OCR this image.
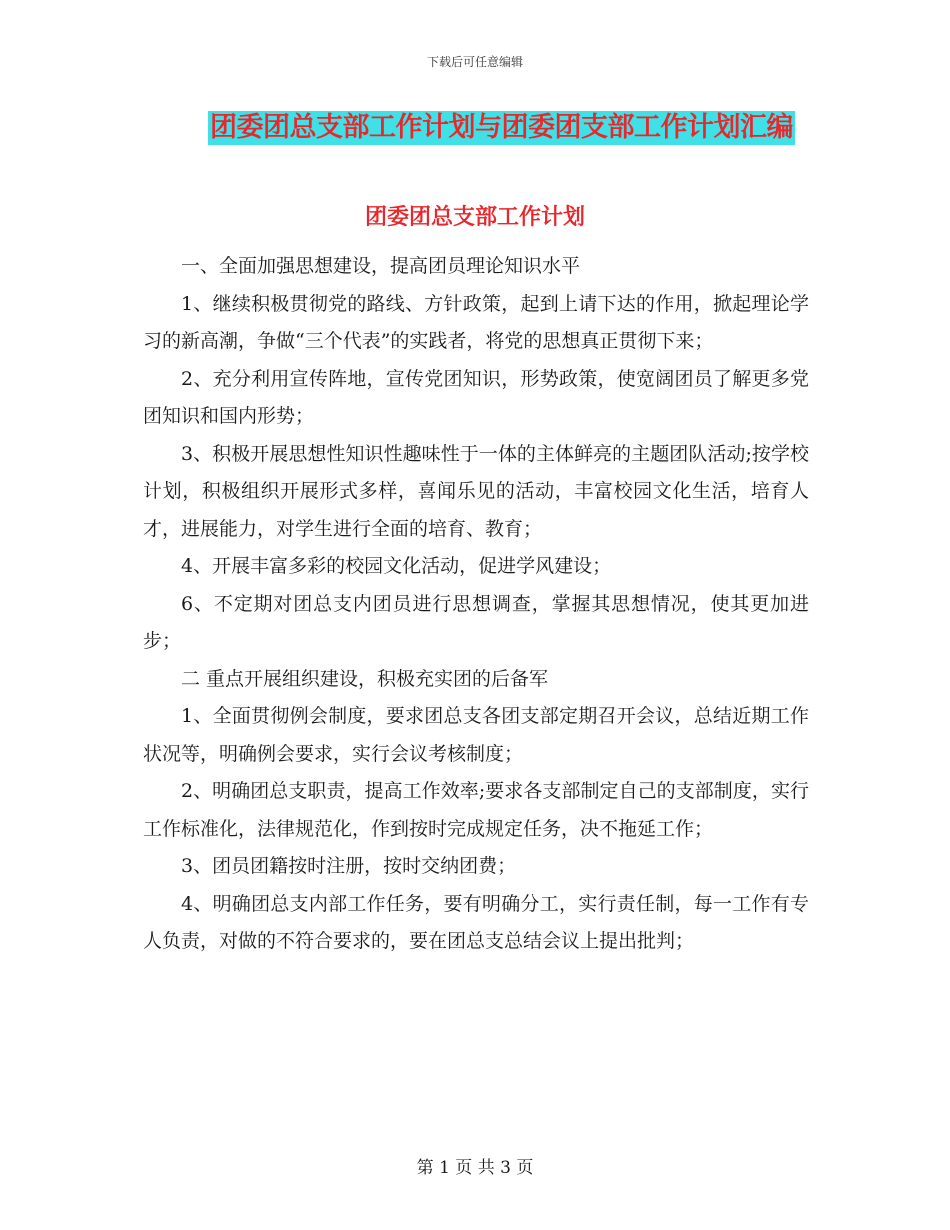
下载后可任意编辑
团委团总支部工作计划与团委团支部工作计划汇编
团委团总支部工作计划

一、全面加强思想建设，提高团员理论知识水平

1、继续积极贯彻党的路线、方针政策，起到上请下达的作用，掀起理论学习的新高潮，争做“三个代表”的实践者，将党的思想真正贯彻下来；

2、充分利用宣传阵地，宣传党团知识，形势政策，使宽阔团员了解更多党团知识和国内形势；

3、积极开展思想性知识性趣味性于一体的主体鲜亮的主题团队活动;按学校计划，积极组织开展形式多样，喜闻乐见的活动，丰富校园文化生活，培育人才，进展能力，对学生进行全面的培育、教育；

4、开展丰富多彩的校园文化活动，促进学风建设；

6、不定期对团总支内团员进行思想调查，掌握其思想情况，使其更加进步；

二 重点开展组织建设，积极充实团的后备军

1、全面贯彻例会制度，要求团总支各团支部定期召开会议，总结近期工作状况等，明确例会要求，实行会议考核制度；

2、明确团总支职责，提高工作效率;要求各支部制定自己的支部制度，实行工作标准化，法律规范化，作到按时完成规定任务，决不拖延工作；

3、团员团籍按时注册，按时交纳团费；

4、明确团总支内部工作任务，要有明确分工，实行责任制，每一工作有专人负责，对做的不符合要求的，要在团总支总结会议上提出批判；

第 1 页 共 3 页
